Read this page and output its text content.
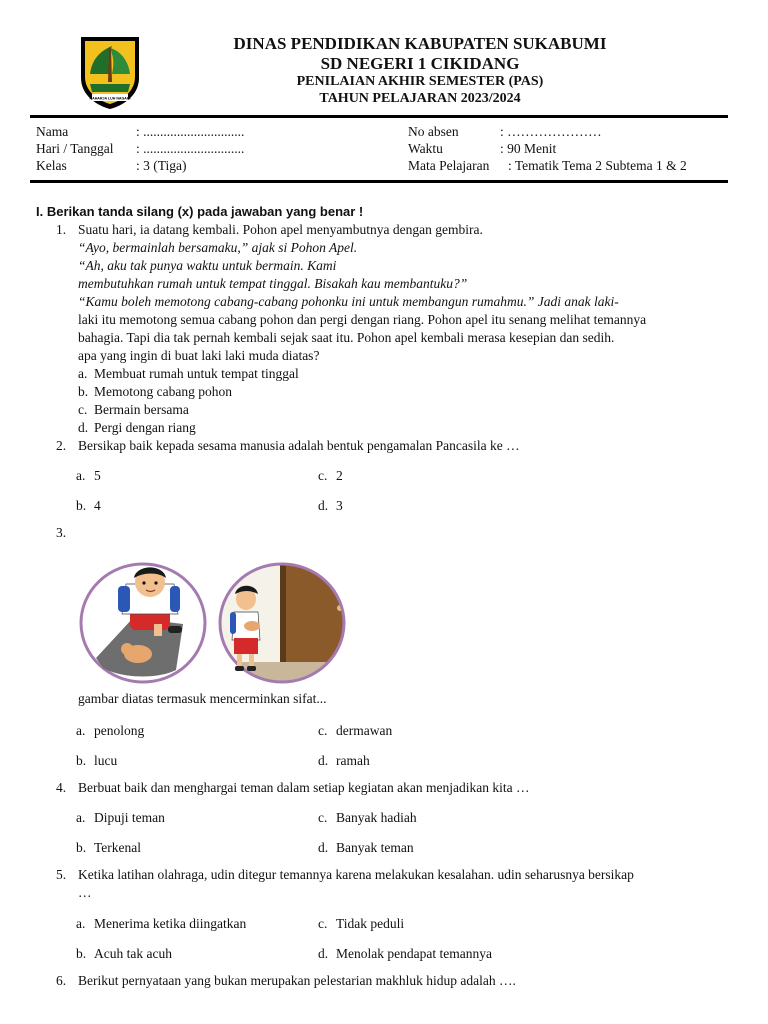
RAHARJA LUH NAGARI
DINAS PENDIDIKAN KABUPATEN SUKABUMI
SD NEGERI 1 CIKIDANG
PENILAIAN AKHIR SEMESTER (PAS)
TAHUN PELAJARAN 2023/2024
Nama	: ..............................
Hari / Tanggal : ..............................
Kelas	: 3 (Tiga)
No absen	: …………………
Waktu	: 90 Menit
Mata Pelajaran : Tematik Tema 2 Subtema 1 & 2
I. Berikan tanda silang (x) pada jawaban yang benar !
1. Suatu hari, ia datang kembali. Pohon apel menyambutnya dengan gembira.
“Ayo, bermainlah bersamaku,” ajak si Pohon Apel.
“Ah, aku tak punya waktu untuk bermain. Kami
membutuhkan rumah untuk tempat tinggal. Bisakah kau membantuku?”
“Kamu boleh memotong cabang-cabang pohonku ini untuk membangun rumahmu.” Jadi anak laki-
laki itu memotong semua cabang pohon dan pergi dengan riang. Pohon apel itu senang melihat temannya
bahagia. Tapi dia tak pernah kembali sejak saat itu. Pohon apel kembali merasa kesepian dan sedih.
apa yang ingin di buat laki laki muda diatas?
a. Membuat rumah untuk tempat tinggal
b. Memotong cabang pohon
c. Bermain bersama
d. Pergi dengan riang
2. Bersikap baik kepada sesama manusia adalah bentuk pengamalan Pancasila ke …
a. 5	c. 2
b. 4	d. 3
3.
gambar diatas termasuk mencerminkan sifat...
a. penolong	c. dermawan
b. lucu	d. ramah
4. Berbuat baik dan menghargai teman dalam setiap kegiatan akan menjadikan kita …
a. Dipuji teman	c. Banyak hadiah
b. Terkenal	d. Banyak teman
5. Ketika latihan olahraga, udin ditegur temannya karena melakukan kesalahan. udin seharusnya bersikap
…
a. Menerima ketika diingatkan	c. Tidak peduli
b. Acuh tak acuh	d. Menolak pendapat temannya
6. Berikut pernyataan yang bukan merupakan pelestarian makhluk hidup adalah ….
